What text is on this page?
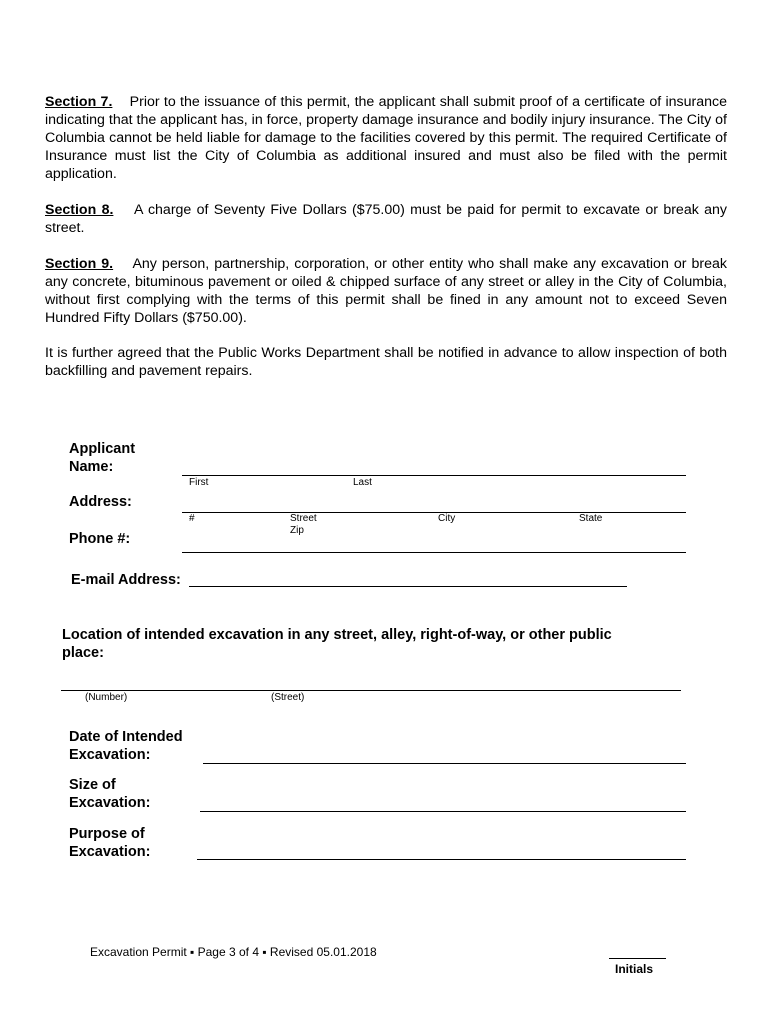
Section 7. Prior to the issuance of this permit, the applicant shall submit proof of a certificate of insurance indicating that the applicant has, in force, property damage insurance and bodily injury insurance. The City of Columbia cannot be held liable for damage to the facilities covered by this permit. The required Certificate of Insurance must list the City of Columbia as additional insured and must also be filed with the permit application.

Section 8. A charge of Seventy Five Dollars ($75.00) must be paid for permit to excavate or break any street.

Section 9. Any person, partnership, corporation, or other entity who shall make any excavation or break any concrete, bituminous pavement or oiled & chipped surface of any street or alley in the City of Columbia, without first complying with the terms of this permit shall be fined in any amount not to exceed Seven Hundred Fifty Dollars ($750.00).

It is further agreed that the Public Works Department shall be notified in advance to allow inspection of both backfilling and pavement repairs.

Applicant
Name:
First	Last
Address:
#	Street
Zip
City	State
Phone #:
E-mail Address:
Location of intended excavation in any street, alley, right-of-way, or other public
place:
(Number)	(Street)
Date of Intended
Excavation:
Size of
Excavation:
Purpose of
Excavation:
Excavation Permit ▪ Page 3 of 4 ▪ Revised 05.01.2018
Initials
